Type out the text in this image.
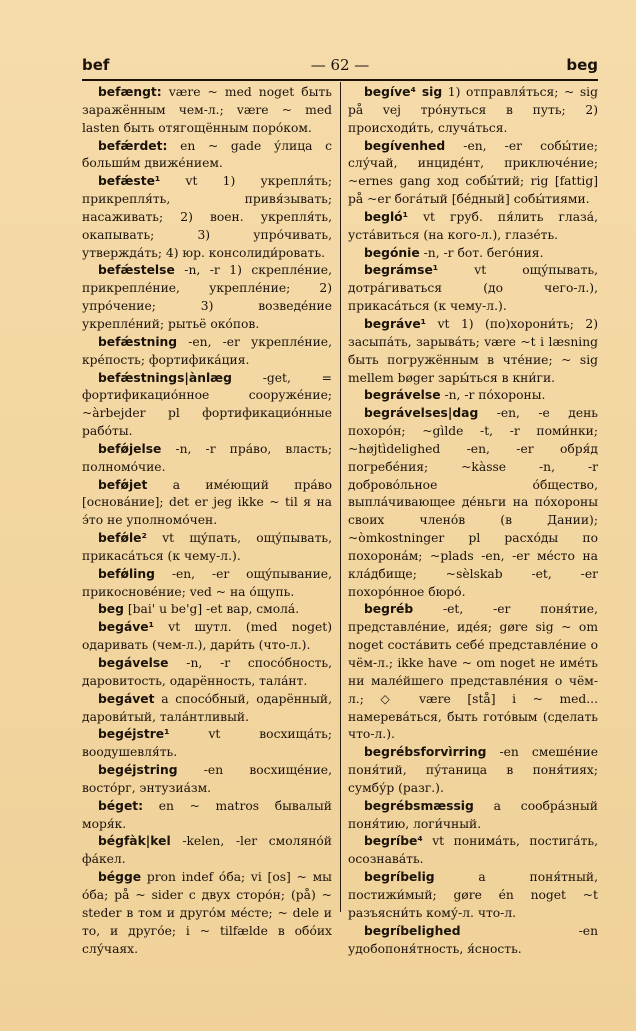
bef	— 62 —	beg

befængt: være ~ med noget быть заражённым чем-л.; være ~ med lasten быть отягощённым поро́ком.

befǽrdet: en ~ gade у́лица с больши́м движе́нием.

befǽste¹ vt 1) укрепля́ть; прикрепля́ть, привя́зывать; насаживать; 2) воен. укрепля́ть, окапывать; 3) упро́чивать, утвержда́ть; 4) юр. консолиди́ровать.

befǽstelse -n, -r 1) скрепле́ние, прикрепле́ние, укрепле́ние; 2) упро́чение; 3) возведе́ние укрепле́ний; рытьё око́пов.

befǽstning -en, -er укрепле́ние, кре́пость; фортифика́ция.

befǽstnings|ànlæg	-get, = фортификацио́нное сооруже́ние; ~àrbejder pl фортификацио́нные рабо́ты.

befǿjelse -n, -r пра́во, власть; полномо́чие.

befǿjet a име́ющий пра́во [основа́ние]; det er jeg ikke ~ til я на э́то не уполномо́чен.

befǿle² vt щу́пать, ощу́пывать, прикаса́ться (к чему-л.).

befǿling -en, -er ощу́пывание, прикоснове́ние; ved ~ на о́щупь.

beg [bai' u be'g] -et вар, смола́.

begáve¹ vt шутл. (med noget) одаривать (чем-л.), дари́ть (что-л.).

begávelse -n, -r спосо́бность, даровитость, одарённость, тала́нт.

begávet a спосо́бный, одарённый, дарови́тый, тала́нтливый.

begéjstre¹	vt восхища́ть; воодушевля́ть.

begéjstring -en восхище́ние, восто́рг, энтузиа́зм.

béget: en ~ matros бывалый моря́к.

bégfàk|kel -kelen, -ler смоляно́й фа́кел.

bégge pron indef о́ба; vi [os] ~ мы о́ба; på ~ sider с двух сторо́н; (på) ~ steder в том и друго́м ме́сте; ~ dele и то, и друго́е; i ~ tilfælde в обо́их слу́чаях.

begíve⁴ sig 1) отправля́ться; ~ sig på vej тро́нуться в путь; 2) происходи́ть, случа́ться.

begívenhed -en, -er собы́тие; слу́чай, инциде́нт, приключе́ние; ~ernes gang ход собы́тий; rig [fattig] på ~er бога́тый [бе́дный] собы́тиями.

begló¹ vt груб. пя́лить глаза́, уста́виться (на кого-л.), глазе́ть.

begónie -n, -r бот. бего́ния.

begrámse¹	vt ощу́пывать, дотра́гиваться (до чего-л.), прикаса́ться (к чему-л.).

begráve¹ vt 1) (по)хорони́ть; 2) засыпа́ть, зарыва́ть; være ~t i læsning быть погружённым в чте́ние; ~ sig mellem bøger зары́ться в кни́ги.

begrávelse -n, -r по́хороны.

begrávelses|dag -en, -e день похоро́н; ~gìlde -t, -r поми́нки; ~højtìdelighed -en, -er обря́д погребе́ния; ~kàsse -n, -r доброво́льное о́бщество, выпла́чивающее де́ньги на по́хороны своих члено́в (в Дании); ~òmkostninger pl расхо́ды по похорона́м; ~plads -en, -er ме́сто на кла́дбище; ~sèlskab -et, -er похоро́нное бюро́.

begréb -et, -er поня́тие, представле́ние, иде́я; gøre sig ~ om noget соста́вить себе́ представле́ние о чём-л.; ikke have ~ om noget не име́ть ни мале́йшего представле́ния о чём-л.; ◇ være [stå] i ~ med... намерева́ться, быть гото́вым (сделать что-л.).

begrébsforvìrring -en смеше́ние поня́тий, пу́таница в поня́тиях; сумбу́р (разг.).

begrébsmæssig a сообра́зный поня́тию, логи́чный.

begríbe⁴ vt понима́ть, постига́ть, осознава́ть.

begríbelig	a поня́тный, постижи́мый; gøre én noget ~t разъясни́ть кому́-л. что-л.

begríbelighed	-en удобопоня́тность, я́сность.
